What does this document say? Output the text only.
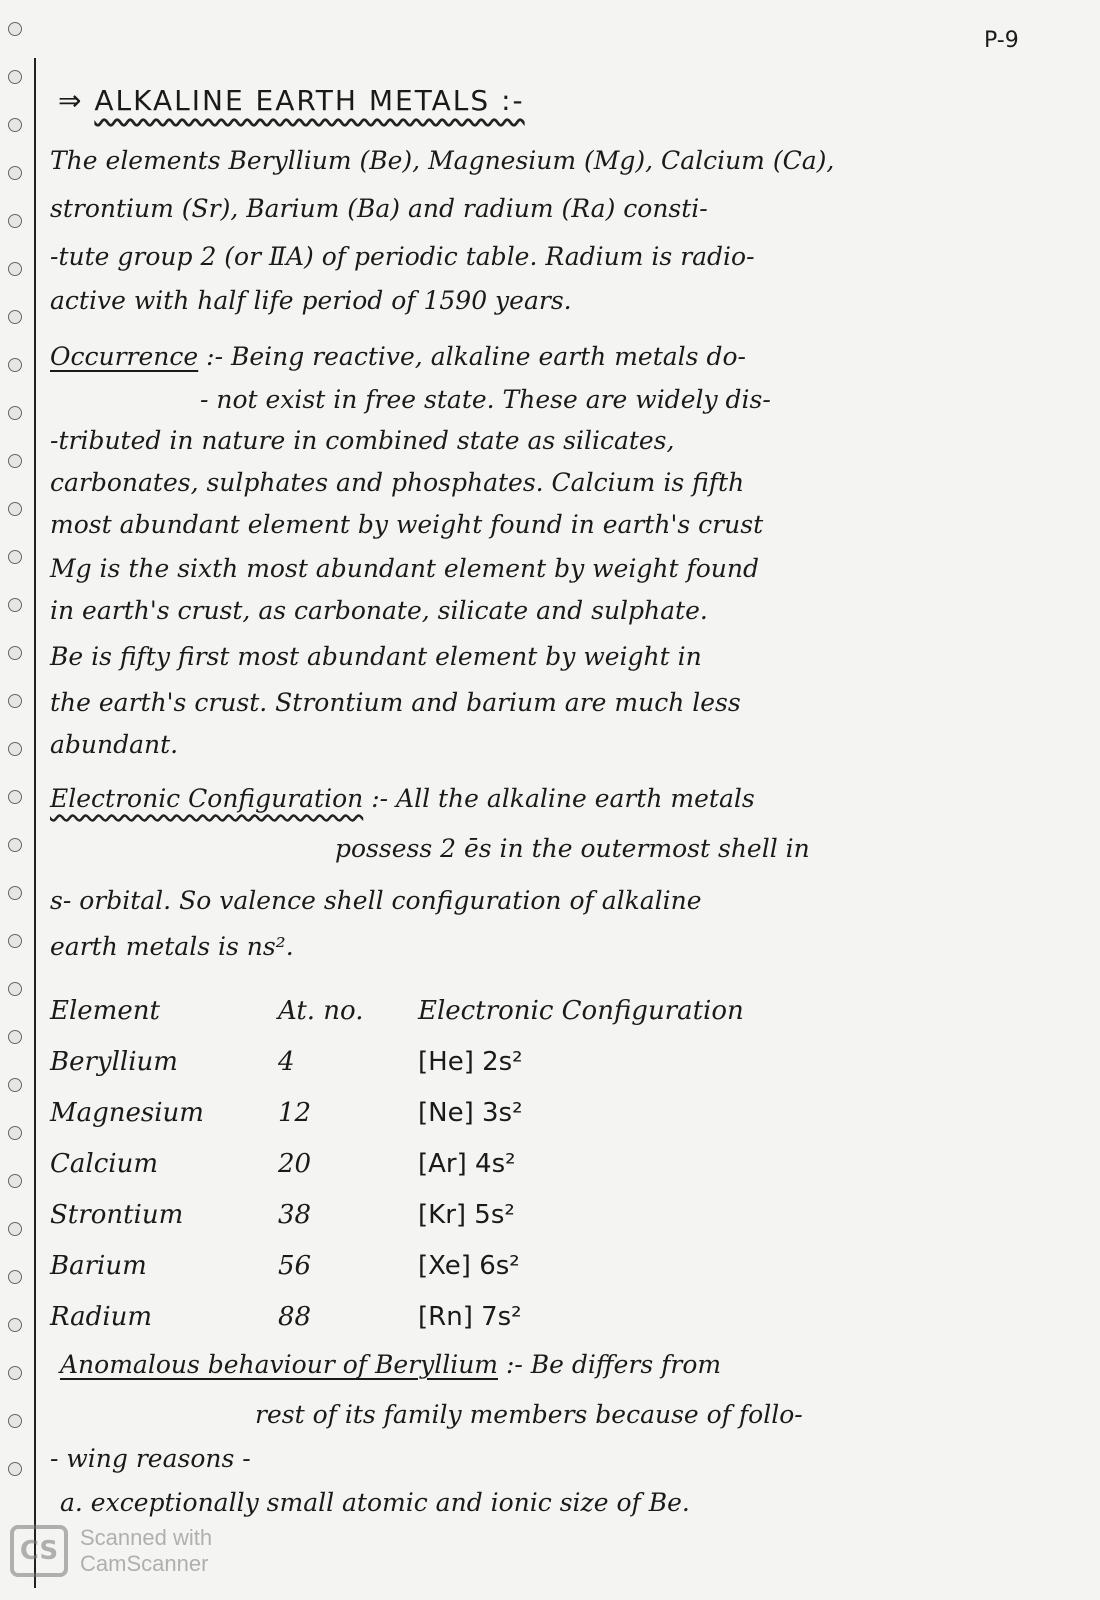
P-9
⇒ ALKALINE EARTH METALS :-
The elements Beryllium (Be), Magnesium (Mg), Calcium (Ca),
strontium (Sr), Barium (Ba) and radium (Ra) consti-
-tute group 2 (or ⅡA) of periodic table. Radium is radio-
active with half life period of 1590 years.
Occurrence :- Being reactive, alkaline earth metals do-
- not exist in free state. These are widely dis-
-tributed in nature in combined state as silicates,
carbonates, sulphates and phosphates. Calcium is fifth
most abundant element by weight found in earth's crust
Mg is the sixth most abundant element by weight found
in earth's crust, as carbonate, silicate and sulphate.
Be is fifty first most abundant element by weight in
the earth's crust. Strontium and barium are much less
abundant.
Electronic Configuration :- All the alkaline earth metals
possess 2 ēs in the outermost shell in
s- orbital. So valence shell configuration of alkaline
earth metals is ns².
Element	At. no.	Electronic Configuration
Beryllium	4	[He] 2s²
Magnesium	12	[Ne] 3s²
Calcium	20	[Ar] 4s²
Strontium	38	[Kr] 5s²
Barium	56	[Xe] 6s²
Radium	88	[Rn] 7s²
Anomalous behaviour of Beryllium :- Be differs from
rest of its family members because of follo-
- wing reasons -
a. exceptionally small atomic and ionic size of Be.
CS Scanned with
CamScanner
